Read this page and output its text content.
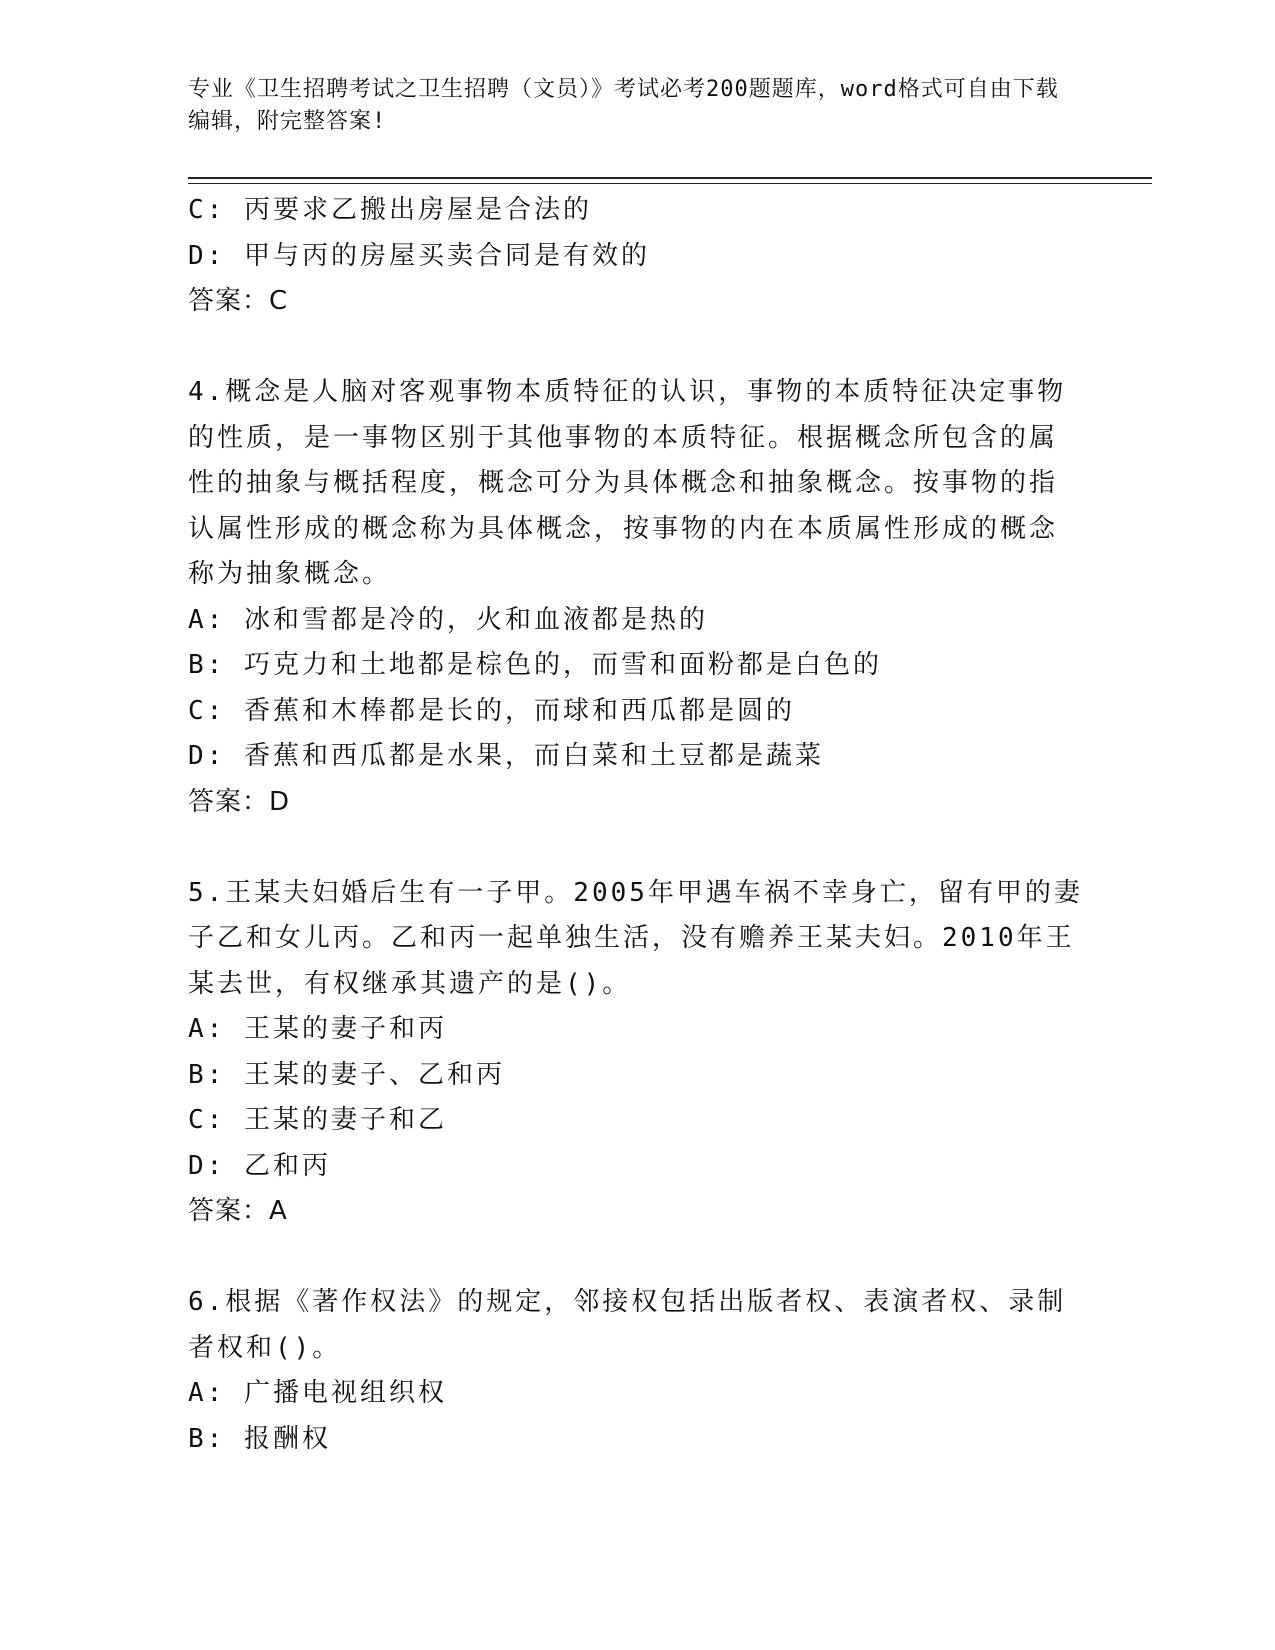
专业《卫生招聘考试之卫生招聘（文员）》考试必考200题题库，word格式可自由下载编辑，附完整答案!
C: 丙要求乙搬出房屋是合法的
D: 甲与丙的房屋买卖合同是有效的
答案：C
4.概念是人脑对客观事物本质特征的认识，事物的本质特征决定事物
的性质，是一事物区别于其他事物的本质特征。根据概念所包含的属
性的抽象与概括程度，概念可分为具体概念和抽象概念。按事物的指
认属性形成的概念称为具体概念，按事物的内在本质属性形成的概念
称为抽象概念。
A: 冰和雪都是冷的，火和血液都是热的
B: 巧克力和土地都是棕色的，而雪和面粉都是白色的
C: 香蕉和木棒都是长的，而球和西瓜都是圆的
D: 香蕉和西瓜都是水果，而白菜和土豆都是蔬菜
答案：D
5.王某夫妇婚后生有一子甲。2005年甲遇车祸不幸身亡，留有甲的妻
子乙和女儿丙。乙和丙一起单独生活，没有赡养王某夫妇。2010年王
某去世，有权继承其遗产的是()。
A: 王某的妻子和丙
B: 王某的妻子、乙和丙
C: 王某的妻子和乙
D: 乙和丙
答案：A
6.根据《著作权法》的规定，邻接权包括出版者权、表演者权、录制
者权和()。
A: 广播电视组织权
B: 报酬权
